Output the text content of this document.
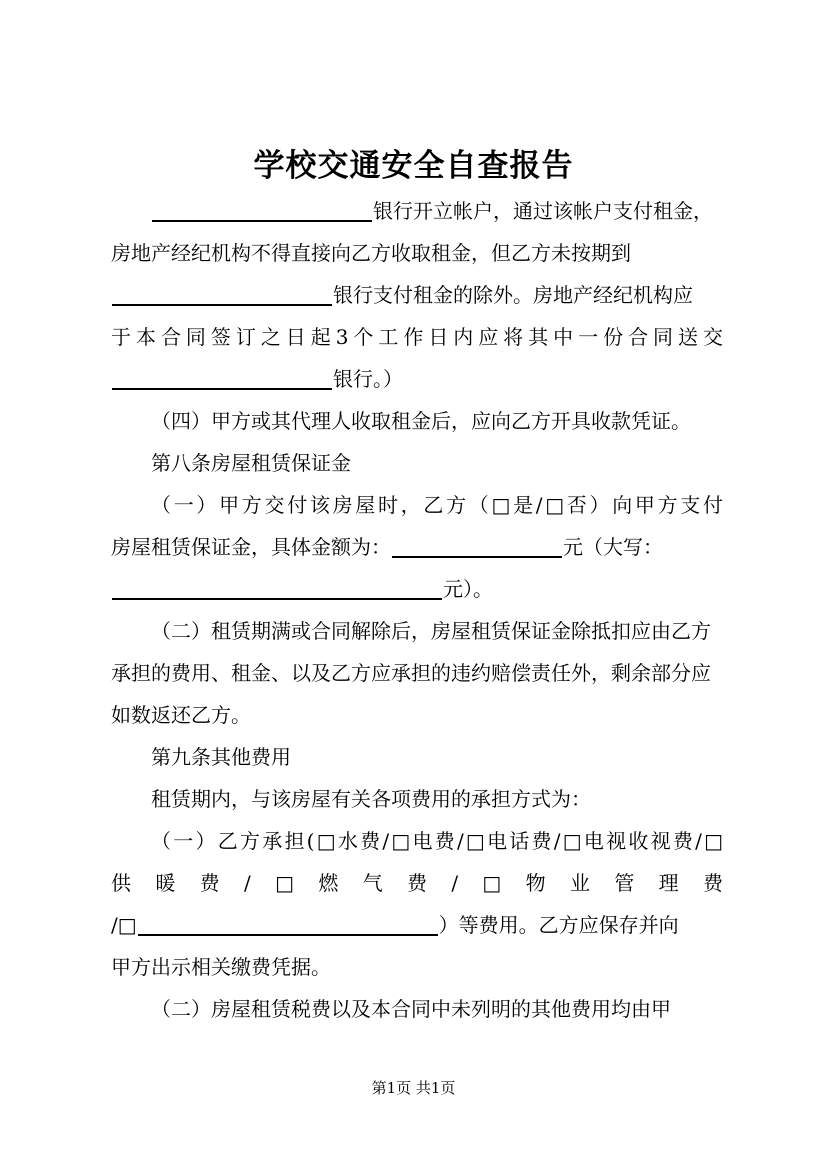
学校交通安全自查报告

银行开立帐户，通过该帐户支付租金，

房地产经纪机构不得直接向乙方收取租金，但乙方未按期到

银行支付租金的除外。房地产经纪机构应

于本合同签订之日起3个工作日内应将其中一份合同送交

银行。）

（四）甲方或其代理人收取租金后，应向乙方开具收款凭证。

第八条房屋租赁保证金

（一）甲方交付该房屋时，乙方（□是/□否）向甲方支付

房屋租赁保证金，具体金额为：	元（大写：

元）。

（二）租赁期满或合同解除后，房屋租赁保证金除抵扣应由乙方承担的费用、租金、以及乙方应承担的违约赔偿责任外，剩余部分应如数返还乙方。

第九条其他费用

租赁期内，与该房屋有关各项费用的承担方式为：

（一）乙方承担(□水费/□电费/□电话费/□电视收视费/□

供暖费/□燃气费/□物业管理费

/□	）等费用。乙方应保存并向

甲方出示相关缴费凭据。

（二）房屋租赁税费以及本合同中未列明的其他费用均由甲

第1页 共1页
